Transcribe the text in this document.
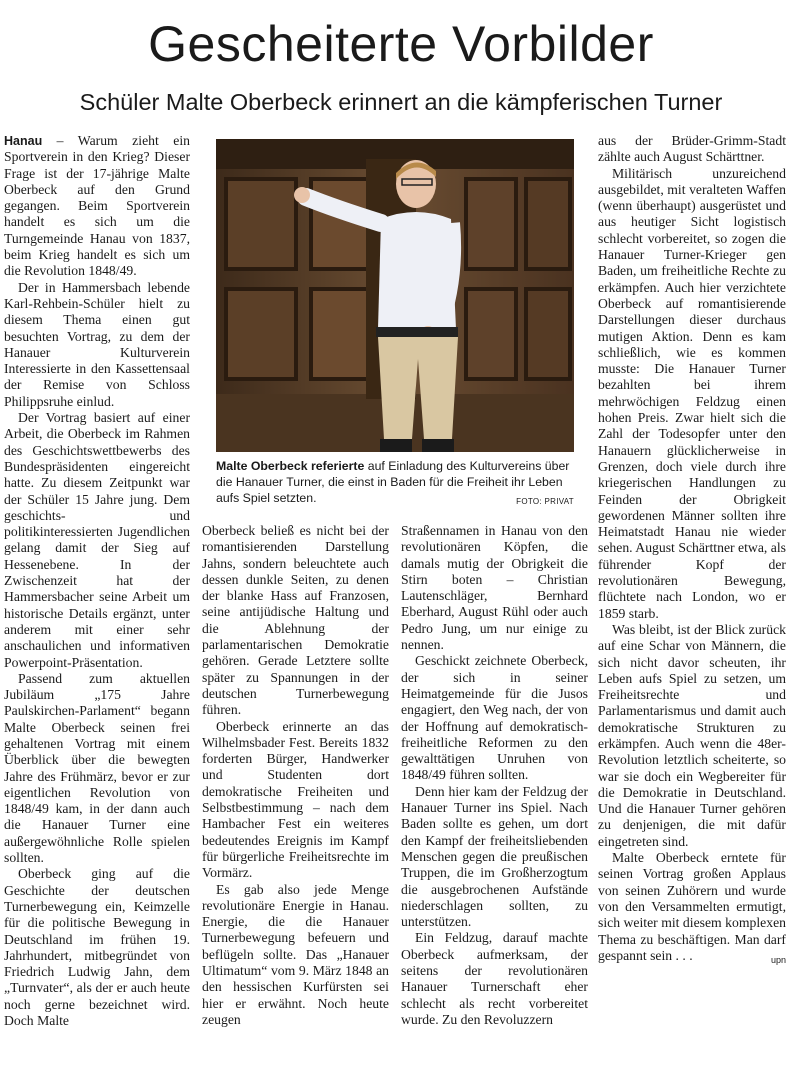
Gescheiterte Vorbilder
Schüler Malte Oberbeck erinnert an die kämpferischen Turner

Hanau – Warum zieht ein Sportverein in den Krieg? Dieser Frage ist der 17-jährige Malte Oberbeck auf den Grund gegangen. Beim Sportverein handelt es sich um die Turngemeinde Hanau von 1837, beim Krieg handelt es sich um die Revolution 1848/49.

Der in Hammersbach lebende Karl-Rehbein-Schüler hielt zu diesem Thema einen gut besuchten Vortrag, zu dem der Hanauer Kulturverein Interessierte in den Kassettensaal der Remise von Schloss Philippsruhe einlud.

Der Vortrag basiert auf einer Arbeit, die Oberbeck im Rahmen des Geschichtswettbewerbs des Bundespräsidenten eingereicht hatte. Zu diesem Zeitpunkt war der Schüler 15 Jahre jung. Dem geschichts- und politikinteressierten Jugendlichen gelang damit der Sieg auf Hessenebene. In der Zwischenzeit hat der Hammersbacher seine Arbeit um historische Details ergänzt, unter anderem mit einer sehr anschaulichen und informativen Powerpoint-Präsentation.

Passend zum aktuellen Jubiläum „175 Jahre Paulskirchen-Parlament“ begann Malte Oberbeck seinen frei gehaltenen Vortrag mit einem Überblick über die bewegten Jahre des Frühmärz, bevor er zur eigentlichen Revolution von 1848/49 kam, in der dann auch die Hanauer Turner eine außergewöhnliche Rolle spielen sollten.

Oberbeck ging auf die Geschichte der deutschen Turnerbewegung ein, Keimzelle für die politische Bewegung in Deutschland im frühen 19. Jahrhundert, mitbegründet von Friedrich Ludwig Jahn, dem „Turnvater“, als der er auch heute noch gerne bezeichnet wird. Doch Malte

Malte Oberbeck referierte auf Einladung des Kulturvereins über die Hanauer Turner, die einst in Baden für die Freiheit ihr Leben aufs Spiel setzten.	FOTO: PRIVAT

Oberbeck beließ es nicht bei der romantisierenden Darstellung Jahns, sondern beleuchtete auch dessen dunkle Seiten, zu denen der blanke Hass auf Franzosen, seine antijüdische Haltung und die Ablehnung der parlamentarischen Demokratie gehören. Gerade Letztere sollte später zu Spannungen in der deutschen Turnerbewegung führen.

Oberbeck erinnerte an das Wilhelmsbader Fest. Bereits 1832 forderten Bürger, Handwerker und Studenten dort demokratische Freiheiten und Selbstbestimmung – nach dem Hambacher Fest ein weiteres bedeutendes Ereignis im Kampf für bürgerliche Freiheitsrechte im Vormärz.

Es gab also jede Menge revolutionäre Energie in Hanau. Energie, die die Hanauer Turnerbewegung befeuern und beflügeln sollte. Das „Hanauer Ultimatum“ vom 9. März 1848 an den hessischen Kurfürsten sei hier er erwähnt. Noch heute zeugen

Straßennamen in Hanau von den revolutionären Köpfen, die damals mutig der Obrigkeit die Stirn boten – Christian Lautenschläger, Bernhard Eberhard, August Rühl oder auch Pedro Jung, um nur einige zu nennen.

Geschickt zeichnete Oberbeck, der sich in seiner Heimatgemeinde für die Jusos engagiert, den Weg nach, der von der Hoffnung auf demokratisch-freiheitliche Reformen zu den gewalttätigen Unruhen von 1848/49 führen sollten.

Denn hier kam der Feldzug der Hanauer Turner ins Spiel. Nach Baden sollte es gehen, um dort den Kampf der freiheitsliebenden Menschen gegen die preußischen Truppen, die im Großherzogtum die ausgebrochenen Aufstände niederschlagen sollten, zu unterstützen.

Ein Feldzug, darauf machte Oberbeck aufmerksam, der seitens der revolutionären Hanauer Turnerschaft eher schlecht als recht vorbereitet wurde. Zu den Revoluzzern

aus der Brüder-Grimm-Stadt zählte auch August Schärttner.

Militärisch unzureichend ausgebildet, mit veralteten Waffen (wenn überhaupt) ausgerüstet und aus heutiger Sicht logistisch schlecht vorbereitet, so zogen die Hanauer Turner-Krieger gen Baden, um freiheitliche Rechte zu erkämpfen. Auch hier verzichtete Oberbeck auf romantisierende Darstellungen dieser durchaus mutigen Aktion. Denn es kam schließlich, wie es kommen musste: Die Hanauer Turner bezahlten bei ihrem mehrwöchigen Feldzug einen hohen Preis. Zwar hielt sich die Zahl der Todesopfer unter den Hanauern glücklicherweise in Grenzen, doch viele durch ihre kriegerischen Handlungen zu Feinden der Obrigkeit gewordenen Männer sollten ihre Heimatstadt Hanau nie wieder sehen. August Schärttner etwa, als führender Kopf der revolutionären Bewegung, flüchtete nach London, wo er 1859 starb.

Was bleibt, ist der Blick zurück auf eine Schar von Männern, die sich nicht davor scheuten, ihr Leben aufs Spiel zu setzen, um Freiheitsrechte und Parlamentarismus und damit auch demokratische Strukturen zu erkämpfen. Auch wenn die 48er-Revolution letztlich scheiterte, so war sie doch ein Wegbereiter für die Demokratie in Deutschland. Und die Hanauer Turner gehören zu denjenigen, die mit dafür eingetreten sind.

Malte Oberbeck erntete für seinen Vortrag großen Applaus von seinen Zuhörern und wurde von den Versammelten ermutigt, sich weiter mit diesem komplexen Thema zu beschäftigen. Man darf gespannt sein . . .	upn
